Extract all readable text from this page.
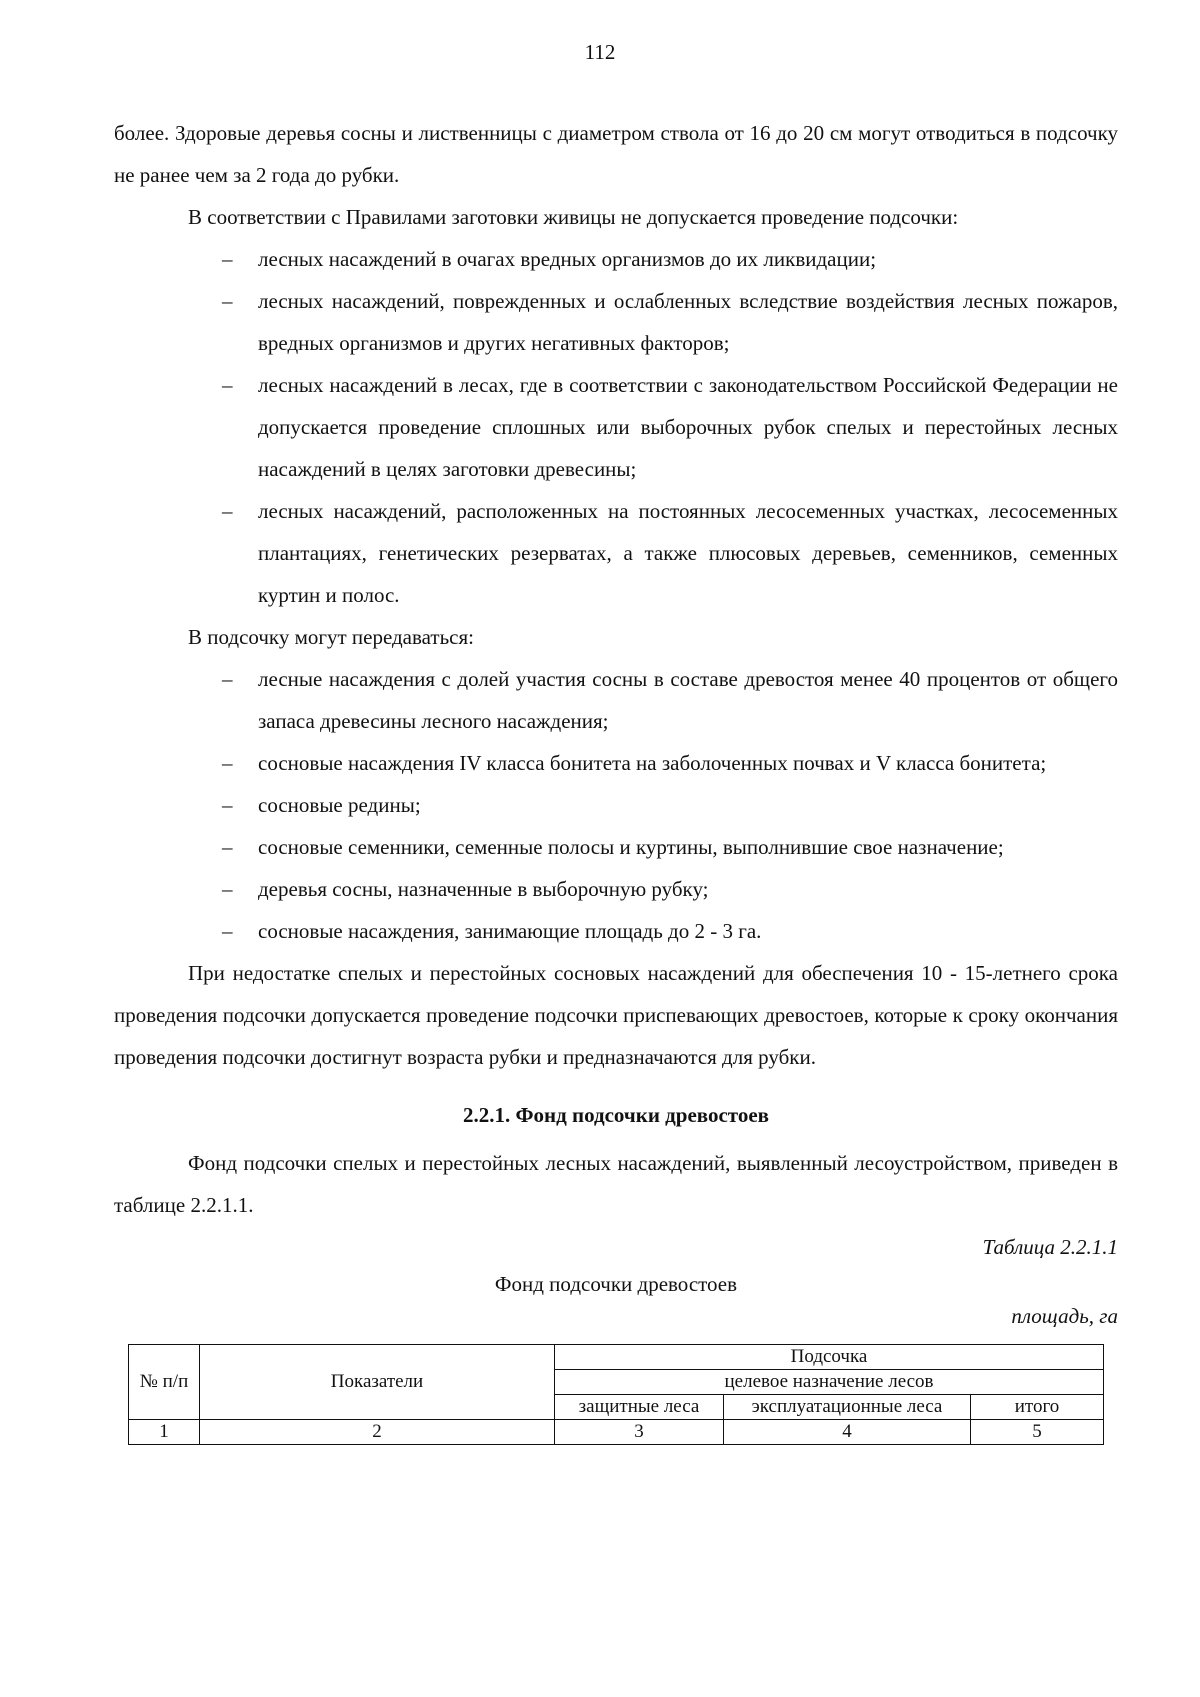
112

более. Здоровые деревья сосны и лиственницы с диаметром ствола от 16 до 20 см могут отводиться в подсочку не ранее чем за 2 года до рубки.

В соответствии с Правилами заготовки живицы не допускается проведение подсочки:

– лесных насаждений в очагах вредных организмов до их ликвидации;
– лесных насаждений, поврежденных и ослабленных вследствие воздействия лесных пожаров, вредных организмов и других негативных факторов;
– лесных насаждений в лесах, где в соответствии с законодательством Российской Федерации не допускается проведение сплошных или выборочных рубок спелых и перестойных лесных насаждений в целях заготовки древесины;
– лесных насаждений, расположенных на постоянных лесосеменных участках, лесосеменных плантациях, генетических резерватах, а также плюсовых деревьев, семенников, семенных куртин и полос.

В подсочку могут передаваться:

– лесные насаждения с долей участия сосны в составе древостоя менее 40 процентов от общего запаса древесины лесного насаждения;
– сосновые насаждения IV класса бонитета на заболоченных почвах и V класса бонитета;
– сосновые редины;
– сосновые семенники, семенные полосы и куртины, выполнившие свое назначение;
– деревья сосны, назначенные в выборочную рубку;
– сосновые насаждения, занимающие площадь до 2 - 3 га.

При недостатке спелых и перестойных сосновых насаждений для обеспечения 10 - 15-летнего срока проведения подсочки допускается проведение подсочки приспевающих древостоев, которые к сроку окончания проведения подсочки достигнут возраста рубки и предназначаются для рубки.

2.2.1. Фонд подсочки древостоев

Фонд подсочки спелых и перестойных лесных насаждений, выявленный лесоустройством, приведен в таблице 2.2.1.1.

Таблица 2.2.1.1
Фонд подсочки древостоев
площадь, га
№ п/п	Показатели	Подсочка		
		целевое назначение лесов		
		защитные леса	эксплуатационные леса	итого
1	2	3	4	5
